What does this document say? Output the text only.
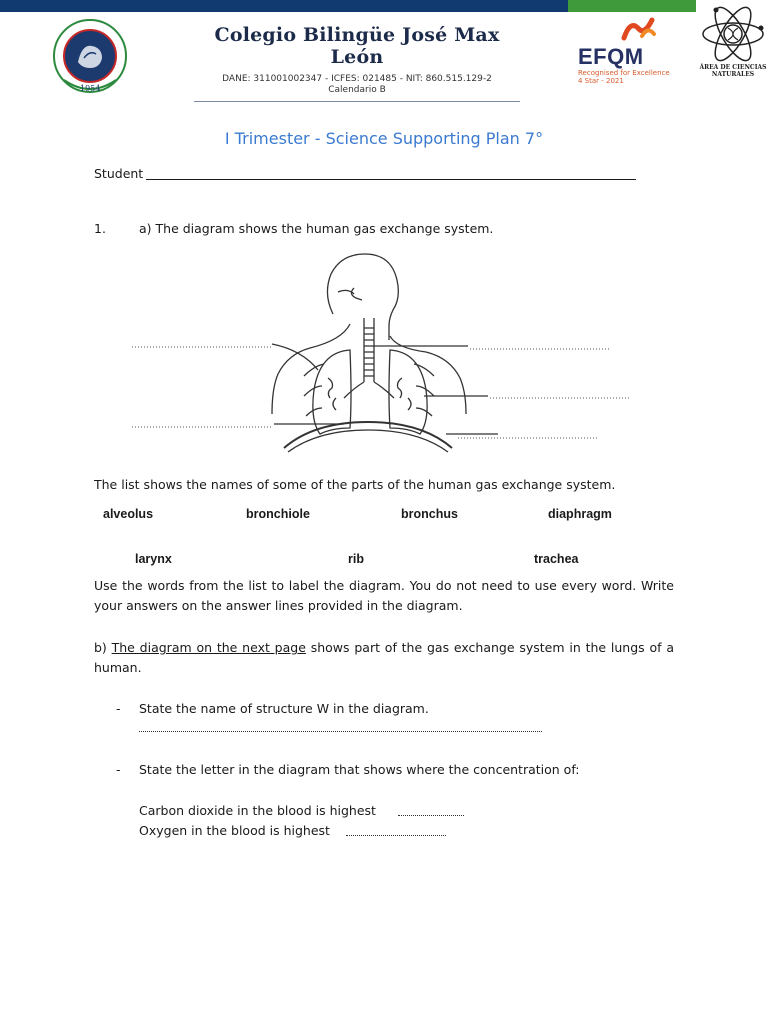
1954
Colegio Bilingüe José Max León
DANE: 311001002347 - ICFES: 021485 - NIT: 860.515.129-2
Calendario B
EFQM
Recognised for Excellence
4 Star - 2021
ÁREA DE CIENCIAS NATURALES
I Trimester - Science Supporting Plan 7°
Student
1.	a) The diagram shows the human gas exchange system.
The list shows the names of some of the parts of the human gas exchange system.
alveolus	bronchiole	bronchus	diaphragm
larynx	rib	trachea
Use the words from the list to label the diagram. You do not need to use every word. Write your answers on the answer lines provided in the diagram.
b) The diagram on the next page shows part of the gas exchange system in the lungs of a human.
- State the name of structure W in the diagram.
- State the letter in the diagram that shows where the concentration of:
Carbon dioxide in the blood is highest
Oxygen in the blood is highest
